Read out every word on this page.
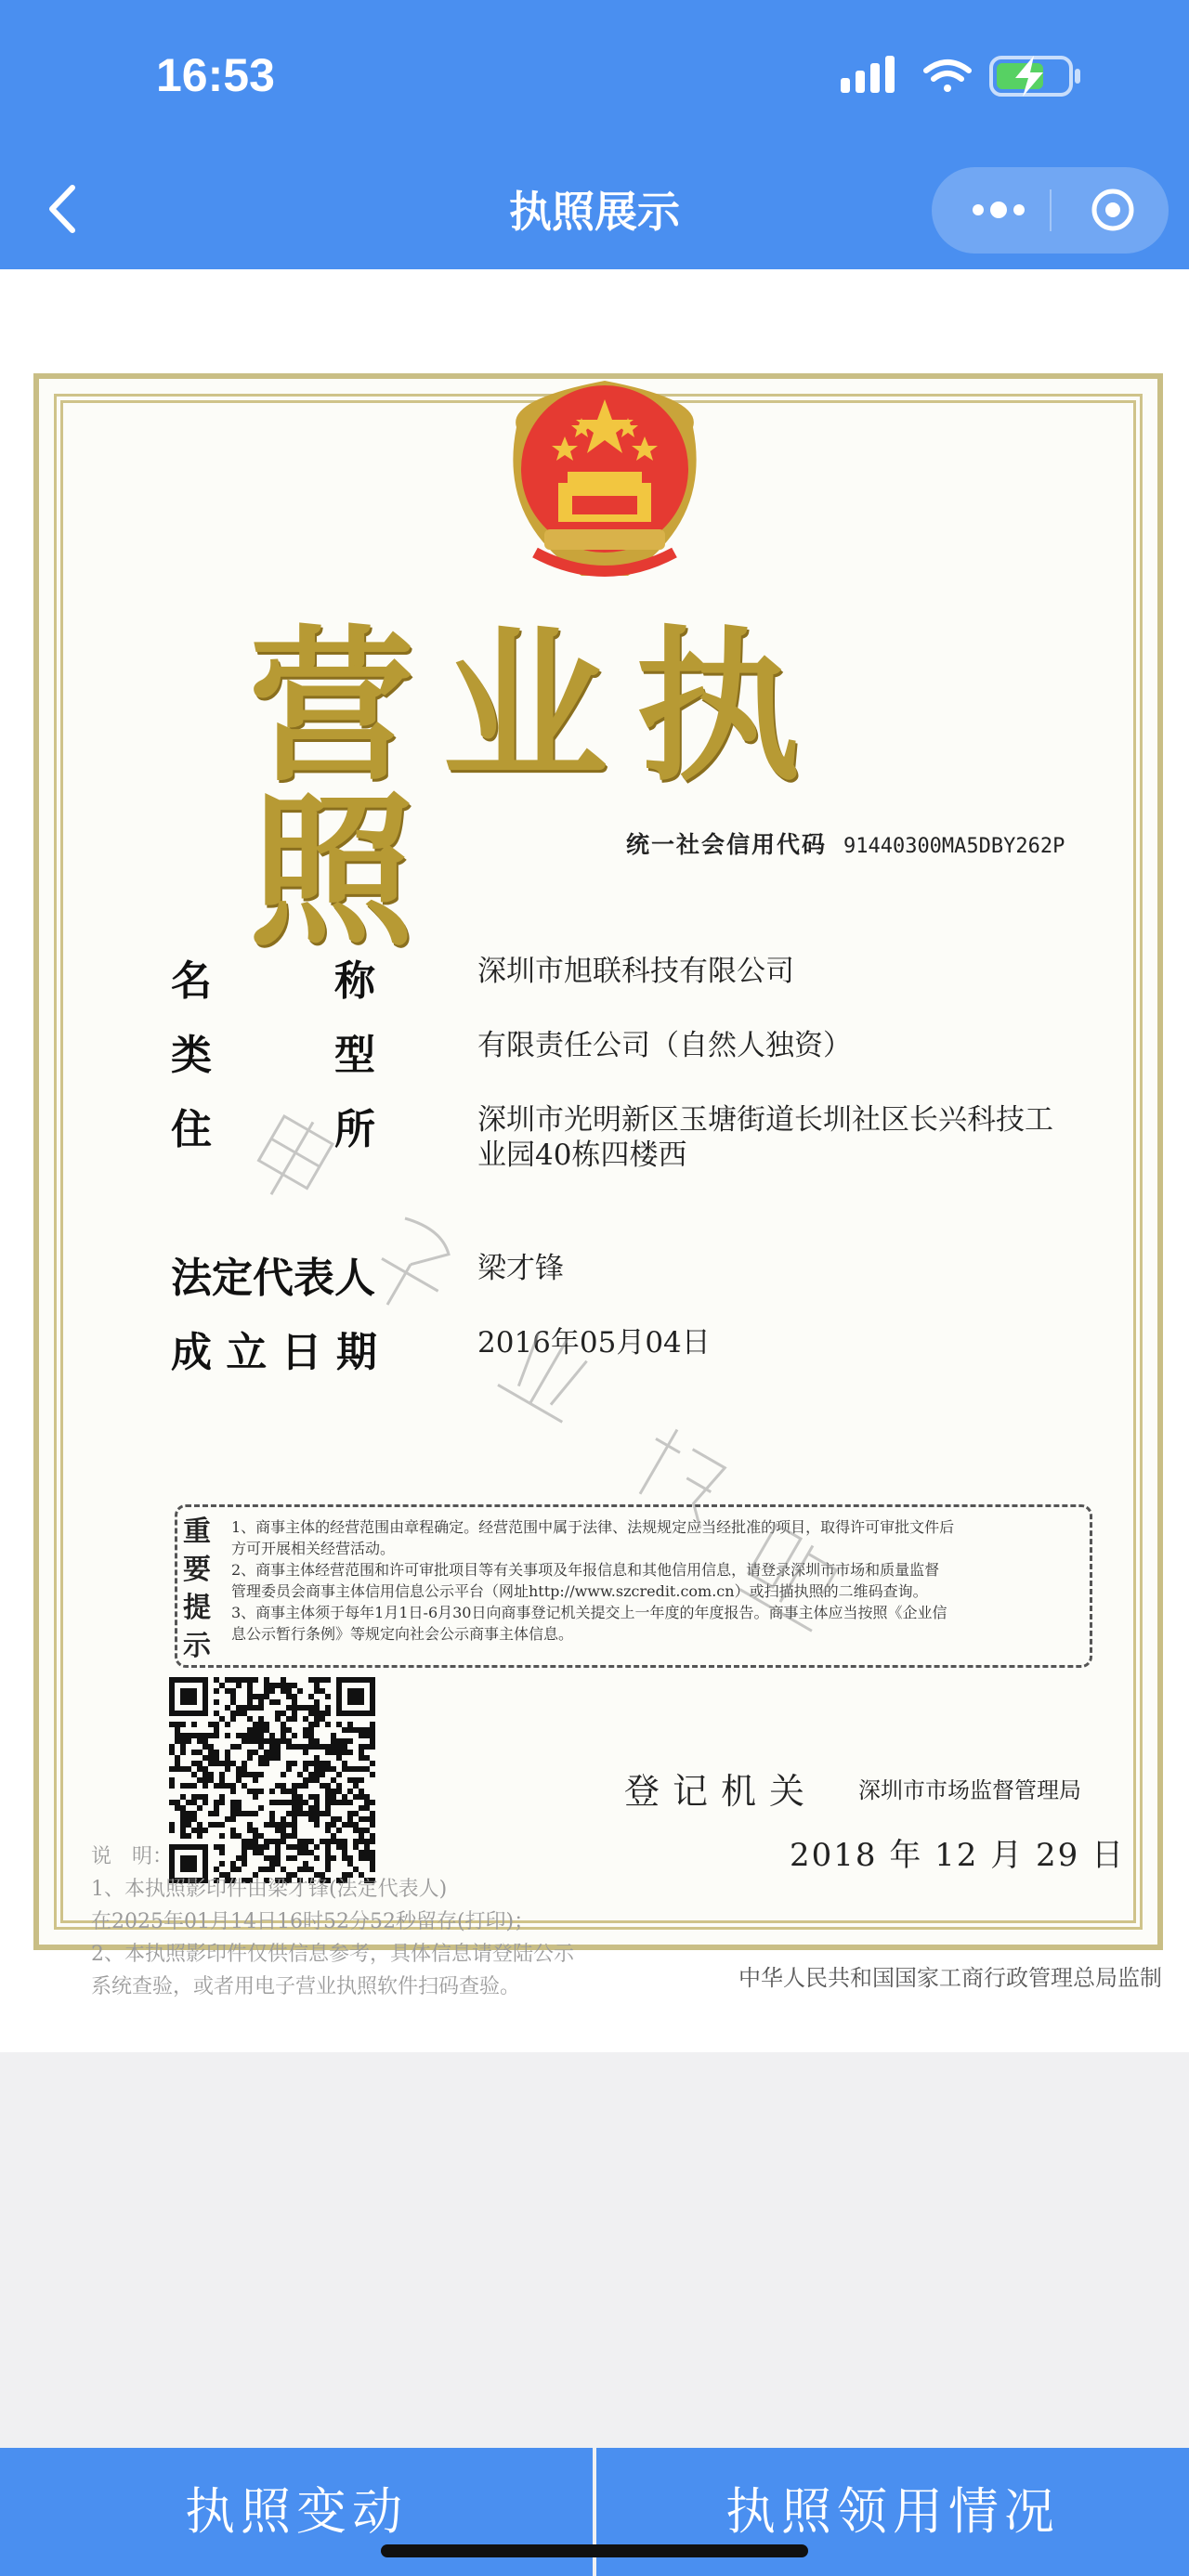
16:53
执照展示
营业执照	统一社会信用代码 91440300MA5DBY262P
名　　　称	深圳市旭联科技有限公司
类　　　型	有限责任公司（自然人独资）
住　　　所	深圳市光明新区玉塘街道长圳社区长兴科技工
业园40栋四楼西
法定代表人	梁才锋
成 立 日 期	2016年05月04日
重要提示
1、商事主体的经营范围由章程确定。经营范围中属于法律、法规规定应当经批准的项目，取得许可审批文件后
方可开展相关经营活动。
2、商事主体经营范围和许可审批项目等有关事项及年报信息和其他信用信息，请登录深圳市市场和质量监督
管理委员会商事主体信用信息公示平台（网址http://www.szcredit.com.cn）或扫描执照的二维码查询。
3、商事主体须于每年1月1日-6月30日向商事登记机关提交上一年度的年度报告。商事主体应当按照《企业信
息公示暂行条例》等规定向社会公示商事主体信息。
说　明：
1、本执照影印件由梁才锋(法定代表人)
在2025年01月14日16时52分52秒留存(打印)；
2、本执照影印件仅供信息参考，具体信息请登陆公示
系统查验，或者用电子营业执照软件扫码查验。
登记机关 深圳市市场监督管理局
2018 年 12 月 29 日
中华人民共和国国家工商行政管理总局监制
执照变动	执照领用情况
